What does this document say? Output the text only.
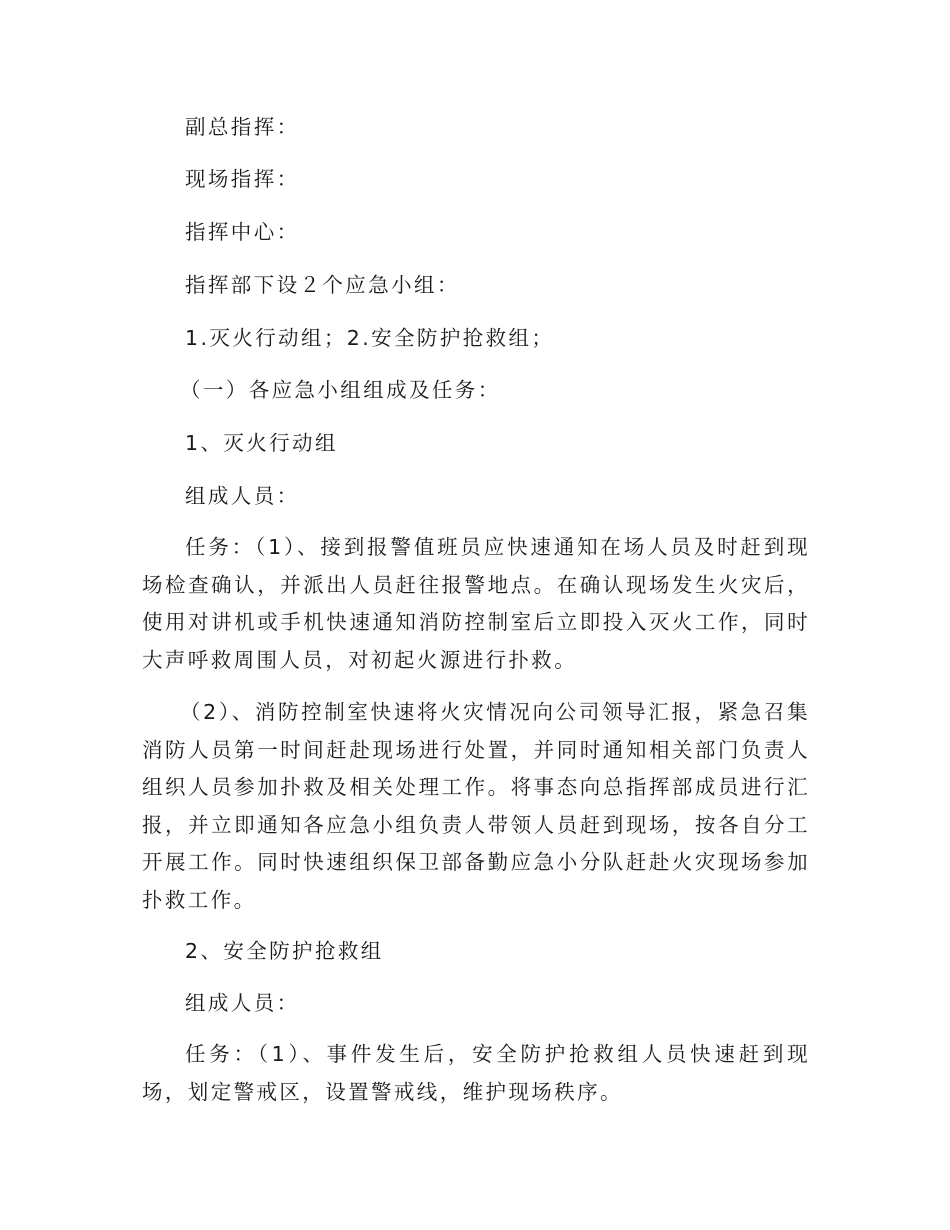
副总指挥：
现场指挥：
指挥中心：
指挥部下设２个应急小组：
1.灭火行动组；2.安全防护抢救组；
（一）各应急小组组成及任务：
1、灭火行动组
组成人员：
任务：（1）、接到报警值班员应快速通知在场人员及时赶到现场检查确认，并派出人员赶往报警地点。在确认现场发生火灾后，使用对讲机或手机快速通知消防控制室后立即投入灭火工作，同时大声呼救周围人员，对初起火源进行扑救。
（2）、消防控制室快速将火灾情况向公司领导汇报，紧急召集消防人员第一时间赶赴现场进行处置，并同时通知相关部门负责人组织人员参加扑救及相关处理工作。将事态向总指挥部成员进行汇报，并立即通知各应急小组负责人带领人员赶到现场，按各自分工开展工作。同时快速组织保卫部备勤应急小分队赶赴火灾现场参加扑救工作。
2、安全防护抢救组
组成人员：
任务：（1）、事件发生后，安全防护抢救组人员快速赶到现场，划定警戒区，设置警戒线，维护现场秩序。
